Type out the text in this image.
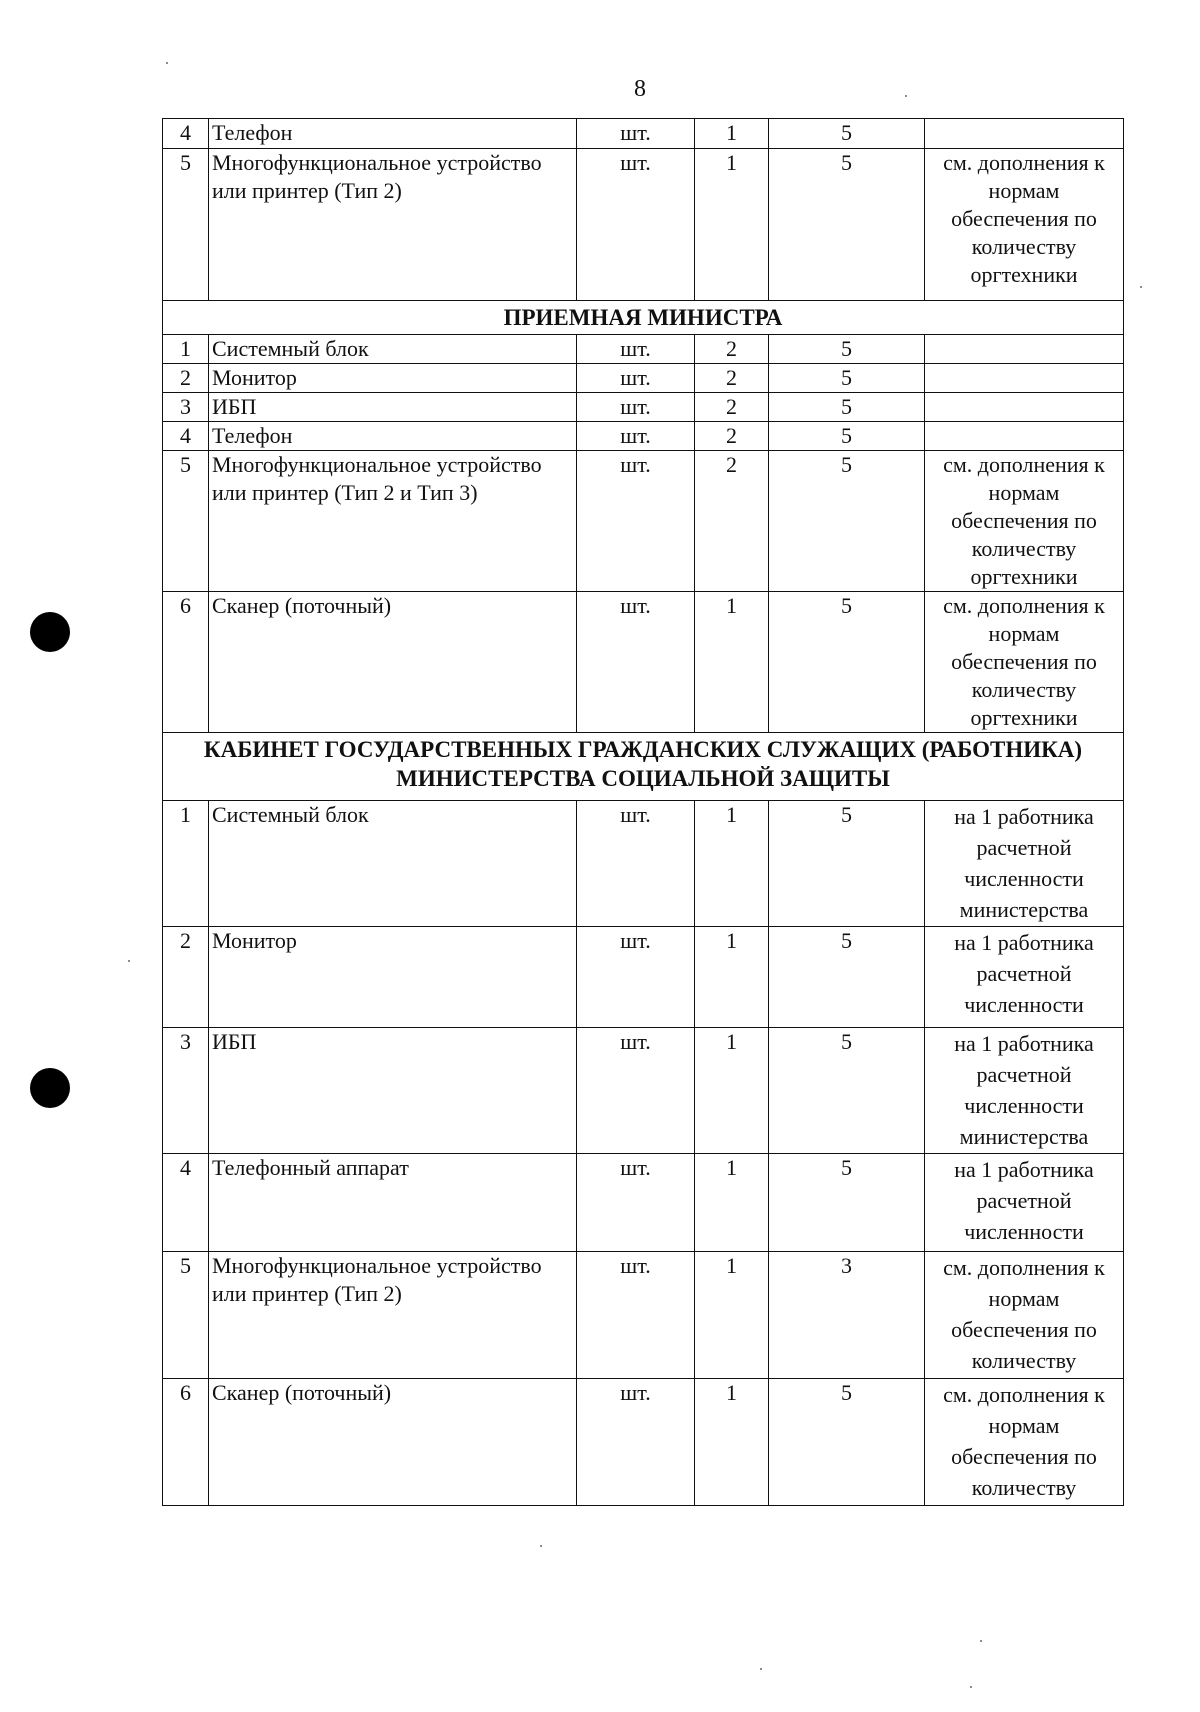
8
4	Телефон	шт.	1	5	
5	Многофункциональное устройство или принтер (Тип 2)	шт.	1	5	см. дополнения к нормам обеспечения по количеству оргтехники
ПРИЕМНАЯ МИНИСТРА					
1	Системный блок	шт.	2	5	
2	Монитор	шт.	2	5	
3	ИБП	шт.	2	5	
4	Телефон	шт.	2	5	
5	Многофункциональное устройство или принтер (Тип 2 и Тип 3)	шт.	2	5	см. дополнения к нормам обеспечения по количеству оргтехники
6	Сканер (поточный)	шт.	1	5	см. дополнения к нормам обеспечения по количеству оргтехники

КАБИНЕТ ГОСУДАРСТВЕННЫХ ГРАЖДАНСКИХ СЛУЖАЩИХ (РАБОТНИКА)
МИНИСТЕРСТВА СОЦИАЛЬНОЙ ЗАЩИТЫ					

1	Системный блок	шт.	1	5	на 1 работника расчетной численности министерства
2	Монитор	шт.	1	5	на 1 работника расчетной численности
3	ИБП	шт.	1	5	на 1 работника расчетной численности министерства
4	Телефонный аппарат	шт.	1	5	на 1 работника расчетной численности
5	Многофункциональное устройство или принтер (Тип 2)	шт.	1	3	см. дополнения к нормам обеспечения по количеству
6	Сканер (поточный)	шт.	1	5	см. дополнения к нормам обеспечения по количеству
